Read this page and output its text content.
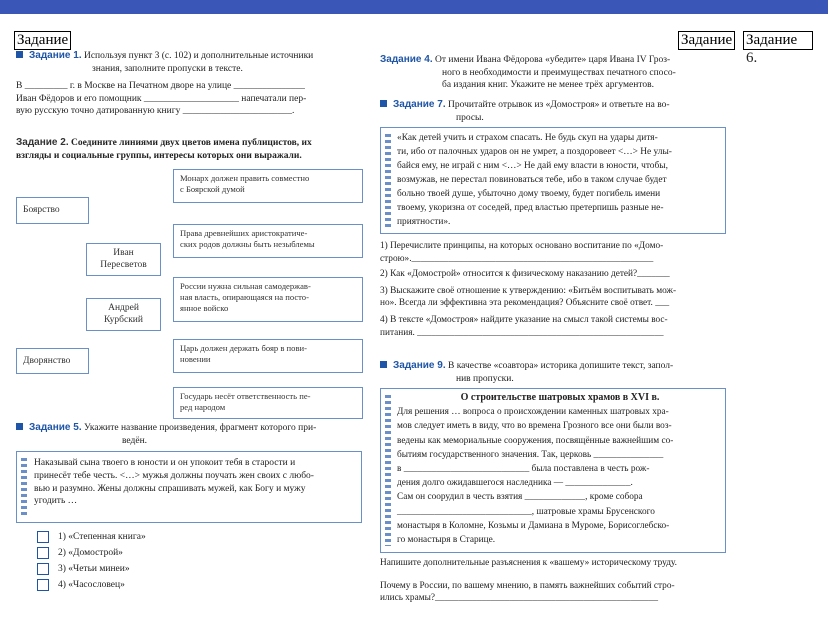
Задание	Задание Задание
6.
Задание 1. Используя пункт 3 (с. 102) и дополнительные источники
знания, заполните пропуски в тексте.
В _________ г. в Москве на Печатном дворе на улице _______________
Иван Фёдоров и его помощник ____________________ напечатали пер-
вую русскую точно датированную книгу _______________________.
Задание 2. Соедините линиями двух цветов имена публицистов, их
взгляды и социальные группы, интересы которых они выражали.
Боярство
Дворянство
Иван
Пересветов
Андрей
Курбский
Монарх должен править совместно
с Боярской думой
Права древнейших аристократиче-
ских родов должны быть незыблемы
России нужна сильная самодержав-
ная власть, опирающаяся на посто-
янное войско
Царь должен держать бояр в пови-
новении
Государь несёт ответственность пе-
ред народом
Задание 5. Укажите название произведения, фрагмент которого при-
ведён.
Наказывай сына твоего в юности и он упокоит тебя в старости и
принесёт тебе честь. <…> мужья должны поучать жен своих с любо-
вью и разумно. Жены должны спрашивать мужей, как Богу и мужу
угодить …
1) «Степенная книга»
2) «Домострой»
3) «Четьи минеи»
4) «Часословец»
Задание 4. От имени Ивана Фёдорова «убедите» царя Ивана IV Гроз-
ного в необходимости и преимуществах печатного спосо-
ба издания книг. Укажите не менее трёх аргументов.
Задание 7. Прочитайте отрывок из «Домостроя» и ответьте на во-
просы.
«Как детей учить и страхом спасать. Не будь скуп на удары дитя-
ти, ибо от палочных ударов он не умрет, а поздоровеет <…> Не улы-
байся ему, не играй с ним <…> Не дай ему власти в юности, чтобы,
возмужав, не перестал повиноваться тебе, ибо в таком случае будет
больно твоей душе, убыточно дому твоему, будет погибель имени
твоему, укоризна от соседей, пред властью претерпишь разные не-
приятности».
1) Перечислите принципы, на которых основано воспитание по «Домо-
строю».____________________________________________________
2) Как «Домострой» относится к физическому наказанию детей?_______
3) Выскажите своё отношение к утверждению: «Битьём воспитывать мож-
но». Всегда ли эффективна эта рекомендация? Объясните своё ответ. ___
4) В тексте «Домостроя» найдите указание на смысл такой системы вос-
питания. _____________________________________________________
Задание 9. В качестве «соавтора» историка допишите текст, запол-
нив пропуски.
О строительстве шатровых храмов в XVI в.
Для решения … вопроса о происхождении каменных шатровых хра-
мов следует иметь в виду, что во времена Грозного все они были воз-
ведены как мемориальные сооружения, посвящённые важнейшим со-
бытиям государственного значения. Так, церковь _______________
в ___________________________ была поставлена в честь рож-
дения долго ожидавшегося наследника — ______________.
Сам он соорудил в честь взятия _____________, кроме собора
_____________________________, шатровые храмы Брусенского
монастыря в Коломне, Козьмы и Дамиана в Муроме, Борисоглебско-
го монастыря в Старице.
Напишите дополнительные разъяснения к «вашему» историческому труду.
Почему в России, по вашему мнению, в память важнейших событий стро-
ились храмы?________________________________________________
